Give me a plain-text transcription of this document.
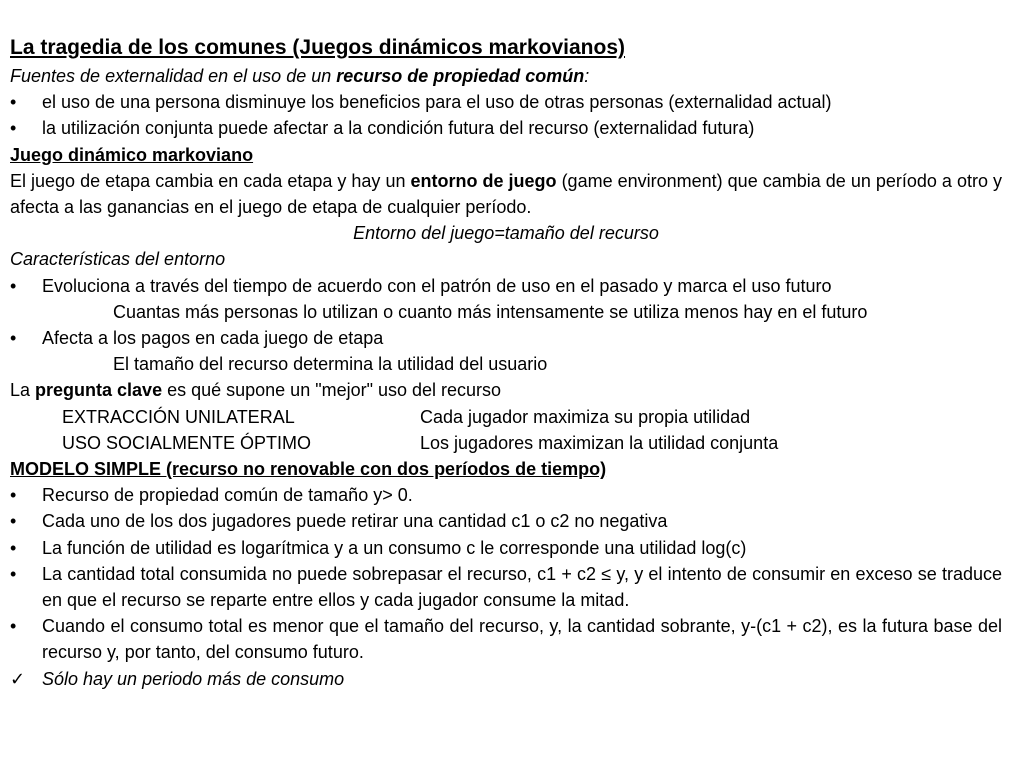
La tragedia de los comunes (Juegos dinámicos markovianos)

Fuentes de externalidad en el uso de un recurso de propiedad común:

• el uso de una persona disminuye los beneficios para el uso de otras personas (externalidad actual)

• la utilización conjunta puede afectar a la condición futura del recurso (externalidad futura)

Juego dinámico markoviano

El juego de etapa cambia en cada etapa y hay un entorno de juego (game environment) que cambia de un período a otro y afecta a las ganancias en el juego de etapa de cualquier período.

Entorno del juego=tamaño del recurso

Características del entorno

• Evoluciona a través del tiempo de acuerdo con el patrón de uso en el pasado y marca el uso futuro

Cuantas más personas lo utilizan o cuanto más intensamente se utiliza menos hay en el futuro

• Afecta a los pagos en cada juego de etapa

El tamaño del recurso determina la utilidad del usuario

La pregunta clave es qué supone un "mejor" uso del recurso

EXTRACCIÓN UNILATERAL	Cada jugador maximiza su propia utilidad
USO SOCIALMENTE ÓPTIMO	Los jugadores maximizan la utilidad conjunta

MODELO SIMPLE (recurso no renovable con dos períodos de tiempo)

• Recurso de propiedad común de tamaño y> 0.

• Cada uno de los dos jugadores puede retirar una cantidad c1 o c2 no negativa

• La función de utilidad es logarítmica y a un consumo c le corresponde una utilidad log(c)

• La cantidad total consumida no puede sobrepasar el recurso, c1 + c2 ≤ y, y el intento de consumir en exceso se traduce en que el recurso se reparte entre ellos y cada jugador consume la mitad.

• Cuando el consumo total es menor que el tamaño del recurso, y, la cantidad sobrante, y-(c1 + c2), es la futura base del recurso y, por tanto, del consumo futuro.

✓ Sólo hay un periodo más de consumo
